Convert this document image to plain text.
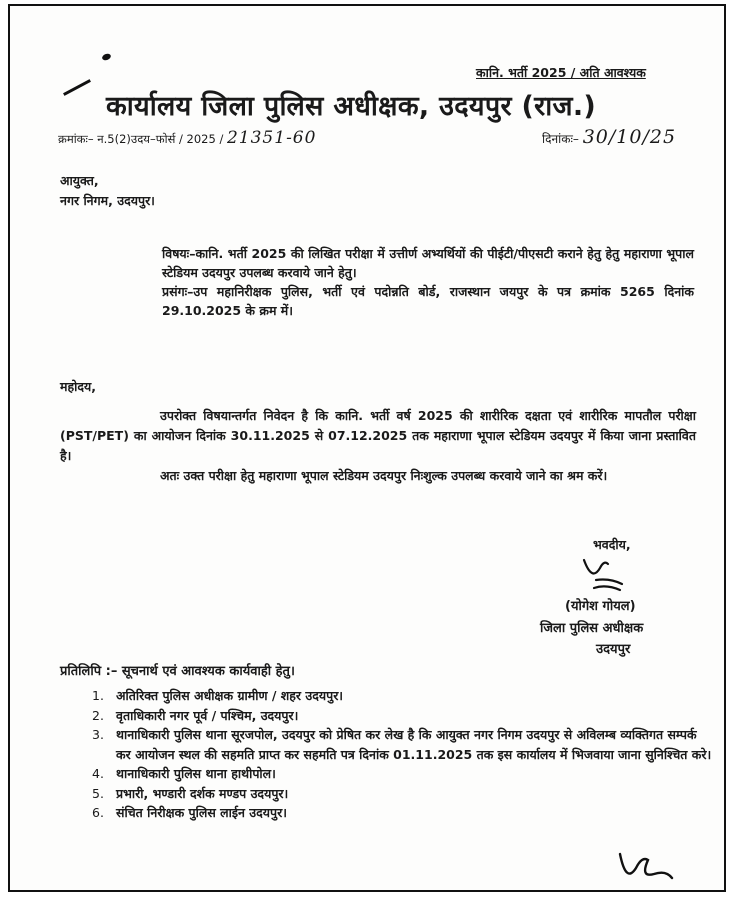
कानि. भर्ती 2025 / अति आवश्यक
कार्यालय जिला पुलिस अधीक्षक, उदयपुर (राज.)
क्रमांकः– न.5(2)उदय–फोर्स / 2025 / 21351-60	दिनांकः– 30/10/25
आयुक्त,
नगर निगम, उदयपुर।
विषयः–कानि. भर्ती 2025 की लिखित परीक्षा में उत्तीर्ण अभ्यर्थियों की पीईटी/पीएसटी कराने हेतु हेतु महाराणा भूपाल स्टेडियम उदयपुर उपलब्ध करवाये जाने हेतु।
प्रसंगः–उप महानिरीक्षक पुलिस, भर्ती एवं पदोन्नति बोर्ड, राजस्थान जयपुर के पत्र क्रमांक 5265 दिनांक 29.10.2025 के क्रम में।
महोदय,

उपरोक्त विषयान्तर्गत निवेदन है कि कानि. भर्ती वर्ष 2025 की शारीरिक दक्षता एवं शारीरिक मापतौल परीक्षा (PST/PET) का आयोजन दिनांक 30.11.2025 से 07.12.2025 तक महाराणा भूपाल स्टेडियम उदयपुर में किया जाना प्रस्तावित है।

अतः उक्त परीक्षा हेतु महाराणा भूपाल स्टेडियम उदयपुर निःशुल्क उपलब्ध करवाये जाने का श्रम करें।

भवदीय,
(योगेश गोयल)
जिला पुलिस अधीक्षक
उदयपुर
प्रतिलिपि :– सूचनार्थ एवं आवश्यक कार्यवाही हेतु।
1. अतिरिक्त पुलिस अधीक्षक ग्रामीण / शहर उदयपुर।
2. वृताधिकारी नगर पूर्व / पश्चिम, उदयपुर।
3. थानाधिकारी पुलिस थाना सूरजपोल, उदयपुर को प्रेषित कर लेख है कि आयुक्त नगर निगम उदयपुर से अविलम्ब व्यक्तिगत सम्पर्क कर आयोजन स्थल की सहमति प्राप्त कर सहमति पत्र दिनांक 01.11.2025 तक इस कार्यालय में भिजवाया जाना सुनिश्चित करे।
4. थानाधिकारी पुलिस थाना हाथीपोल।
5. प्रभारी, भण्डारी दर्शक मण्डप उदयपुर।
6. संचित निरीक्षक पुलिस लाईन उदयपुर।
